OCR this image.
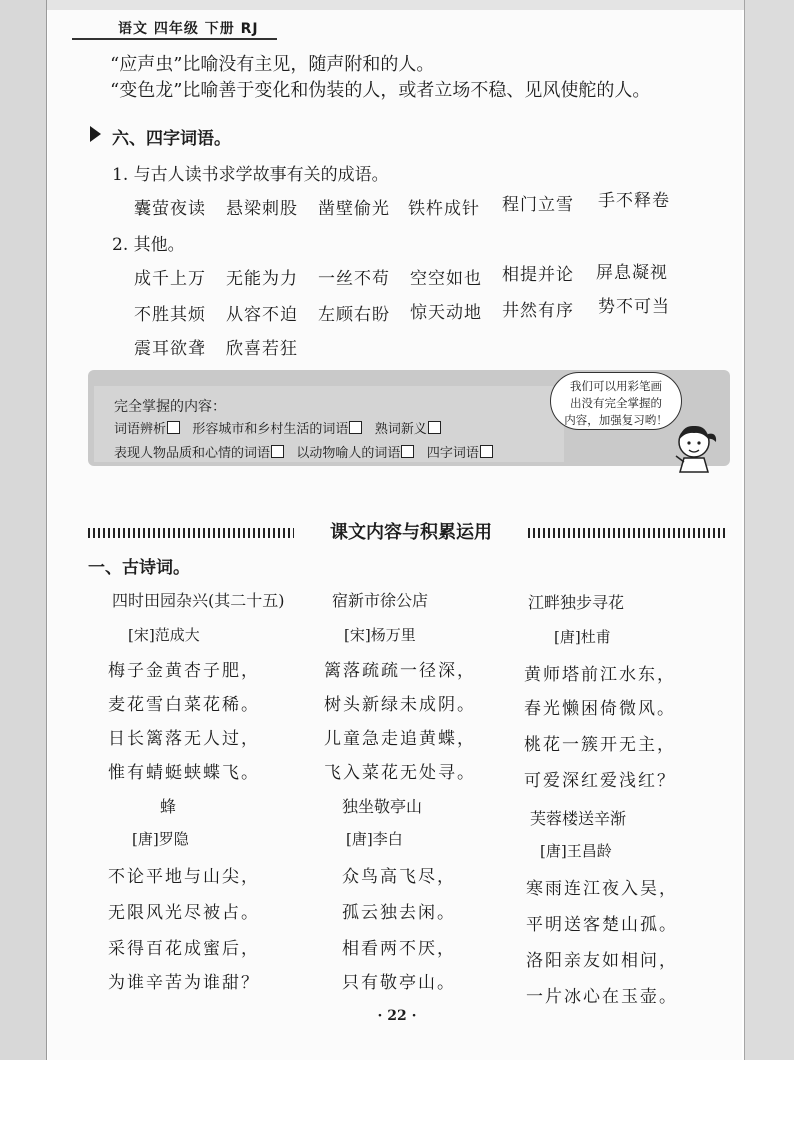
语文 四年级 下册 RJ
“应声虫”比喻没有主见，随声附和的人。
“变色龙”比喻善于变化和伪装的人，或者立场不稳、见风使舵的人。
六、四字词语。
1. 与古人读书求学故事有关的成语。
囊萤夜读 悬梁刺股 凿壁偷光 铁杵成针 程门立雪 手不释卷
2. 其他。
成千上万 无能为力 一丝不苟 空空如也 相提并论 屏息凝视
不胜其烦 从容不迫 左顾右盼 惊天动地 井然有序 势不可当
震耳欲聋 欣喜若狂
完全掌握的内容：
词语辨析 形容城市和乡村生活的词语 熟词新义
表现人物品质和心情的词语 以动物喻人的词语 四字词语
我们可以用彩笔画
出没有完全掌握的
内容，加强复习哟！
课文内容与积累运用
一、古诗词。
四时田园杂兴(其二十五)
[宋]范成大
梅子金黄杏子肥，
麦花雪白菜花稀。
日长篱落无人过，
惟有蜻蜓蛱蝶飞。
宿新市徐公店
[宋]杨万里
篱落疏疏一径深，
树头新绿未成阴。
儿童急走追黄蝶，
飞入菜花无处寻。
江畔独步寻花
[唐]杜甫
黄师塔前江水东，
春光懒困倚微风。
桃花一簇开无主，
可爱深红爱浅红？
蜂
[唐]罗隐
不论平地与山尖，
无限风光尽被占。
采得百花成蜜后，
为谁辛苦为谁甜？
独坐敬亭山
[唐]李白
众鸟高飞尽，
孤云独去闲。
相看两不厌，
只有敬亭山。
芙蓉楼送辛渐
[唐]王昌龄
寒雨连江夜入吴，
平明送客楚山孤。
洛阳亲友如相问，
一片冰心在玉壶。
· 22 ·
